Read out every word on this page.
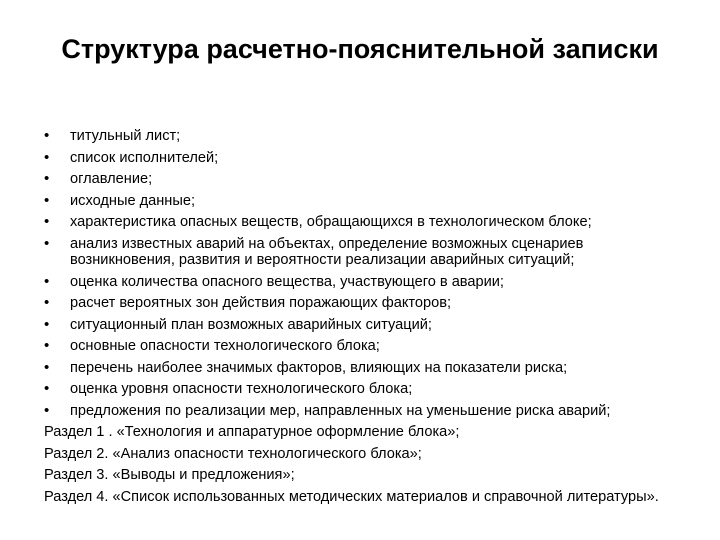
Структура расчетно-пояснительной записки
•	титульный лист;
•	список исполнителей;
•	оглавление;
•	исходные данные;
•	характеристика опасных веществ, обращающихся в технологическом блоке;
•	анализ известных аварий на объектах, определение возможных сценариев возникновения, развития и вероятности реализации аварийных ситуаций;
•	оценка количества опасного вещества, участвующего в аварии;
•	расчет вероятных зон действия поражающих факторов;
•	ситуационный план возможных аварийных ситуаций;
•	основные опасности технологического блока;
•	перечень наиболее значимых факторов, влияющих на показатели риска;
•	оценка уровня опасности технологического блока;
•	предложения по реализации мер, направленных на уменьшение риска аварий;
Раздел 1 . «Технология и аппаратурное оформление блока»;
Раздел 2. «Анализ опасности технологического блока»;
Раздел 3. «Выводы и предложения»;
Раздел 4. «Список использованных методических материалов и справочной литературы».
